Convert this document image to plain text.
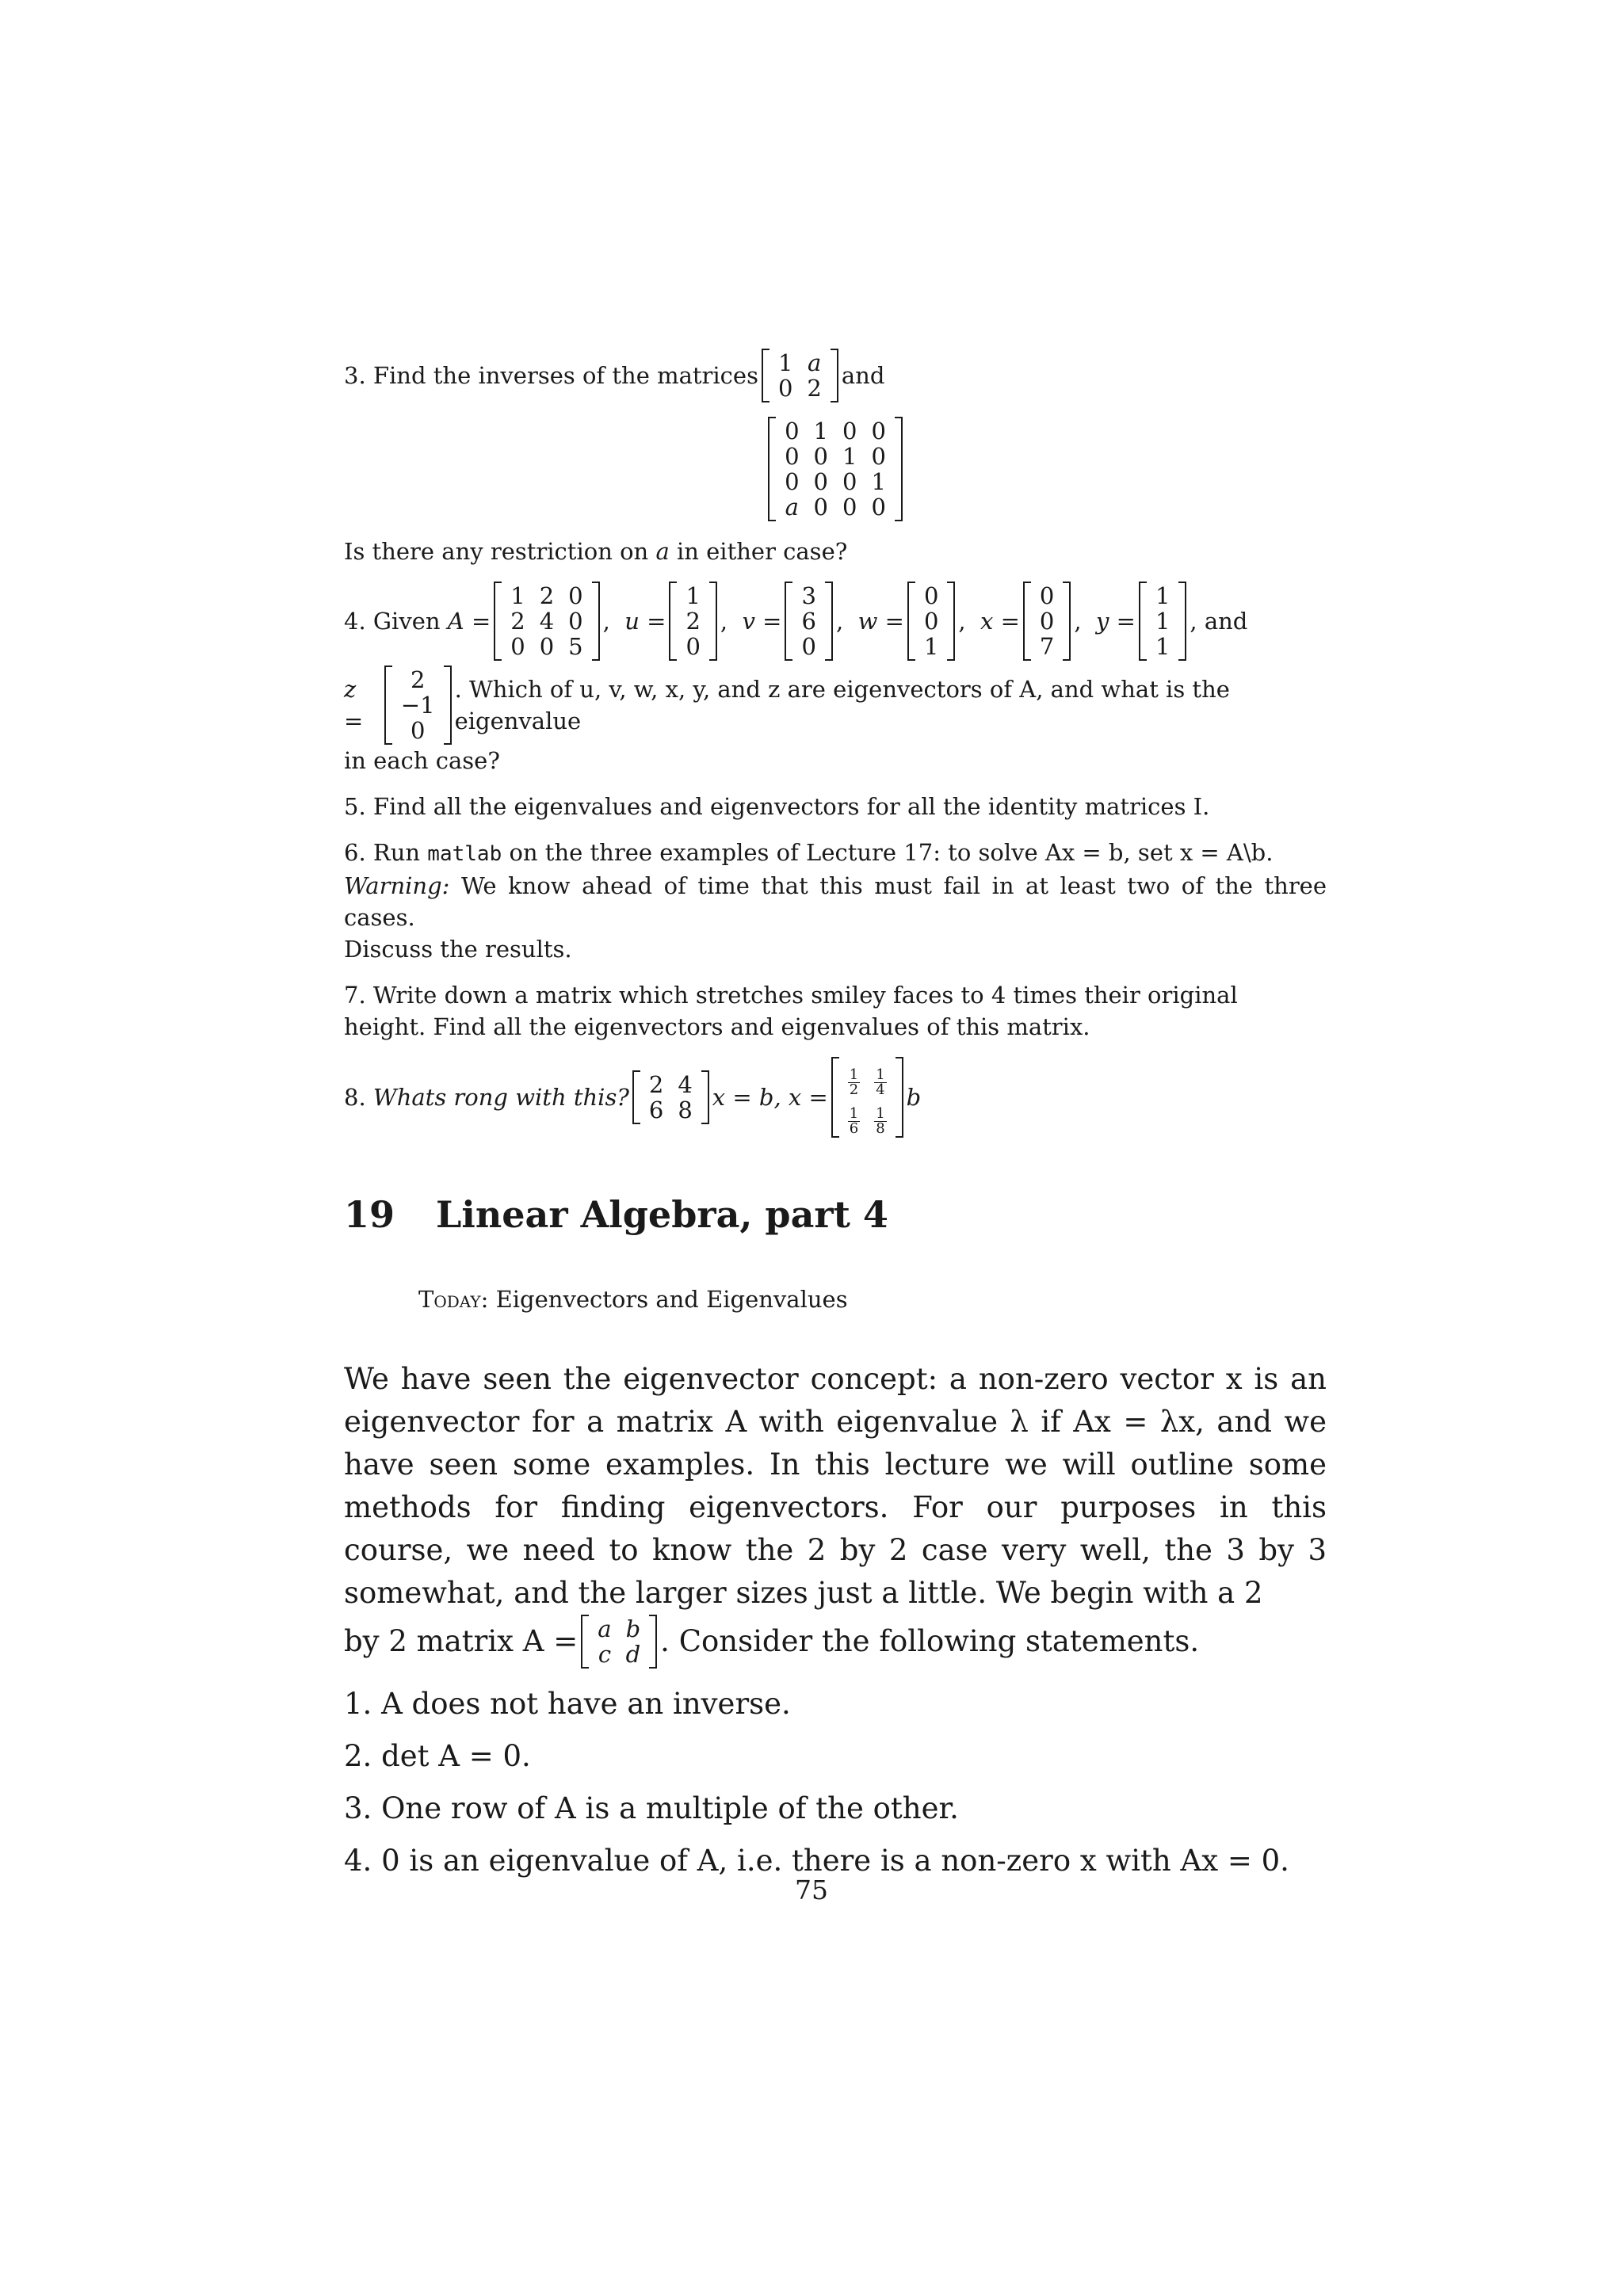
3. Find the inverses of the matrices 1	a
0	2 and
0	1	0	0
0	0	1	0
0	0	0	1
a	0	0	0
Is there any restriction on a in either case?
4. Given
A =
1	2	0
2	4	0
0	0	5
,  u =
1
2
0
,  v =
3
6
0
,  w =
0
0
1
,  x =
0
0
7
,  y =
1
1
1
, and
z =
2
−1
0
. Which of u, v, w, x, y, and z are eigenvectors of A, and what is the eigenvalue
in each case?
5. Find all the eigenvalues and eigenvectors for all the identity matrices I.
6. Run matlab on the three examples of Lecture 17: to solve Ax = b, set x = A\b.
Warning: We know ahead of time that this must fail in at least two of the three cases.
Discuss the results.
7. Write down a matrix which stretches smiley faces to 4 times their original height. Find all the eigenvectors and eigenvalues of this matrix.
8.
Whats rong with this? 2	4
6	8 x = b, $x = \frac{1}{2}$	$\frac{1}{4}$

$\frac{1}{6}$	$\frac{1}{8}$
b
19 Linear Algebra, part 4
Today: Eigenvectors and Eigenvalues
We have seen the eigenvector concept: a non-zero vector x is an eigenvector for a matrix A with eigenvalue λ if Ax = λx, and we have seen some examples. In this lecture we will outline some methods for finding eigenvectors. For our purposes in this course, we need to know the 2 by 2 case very well, the 3 by 3 somewhat, and the larger sizes just a little. We begin with a 2
by 2 matrix A = a	b
c	d . Consider the following statements.
1. A does not have an inverse.
2. det A = 0.
3. One row of A is a multiple of the other.
4. 0 is an eigenvalue of A, i.e. there is a non-zero x with Ax = 0.
75
